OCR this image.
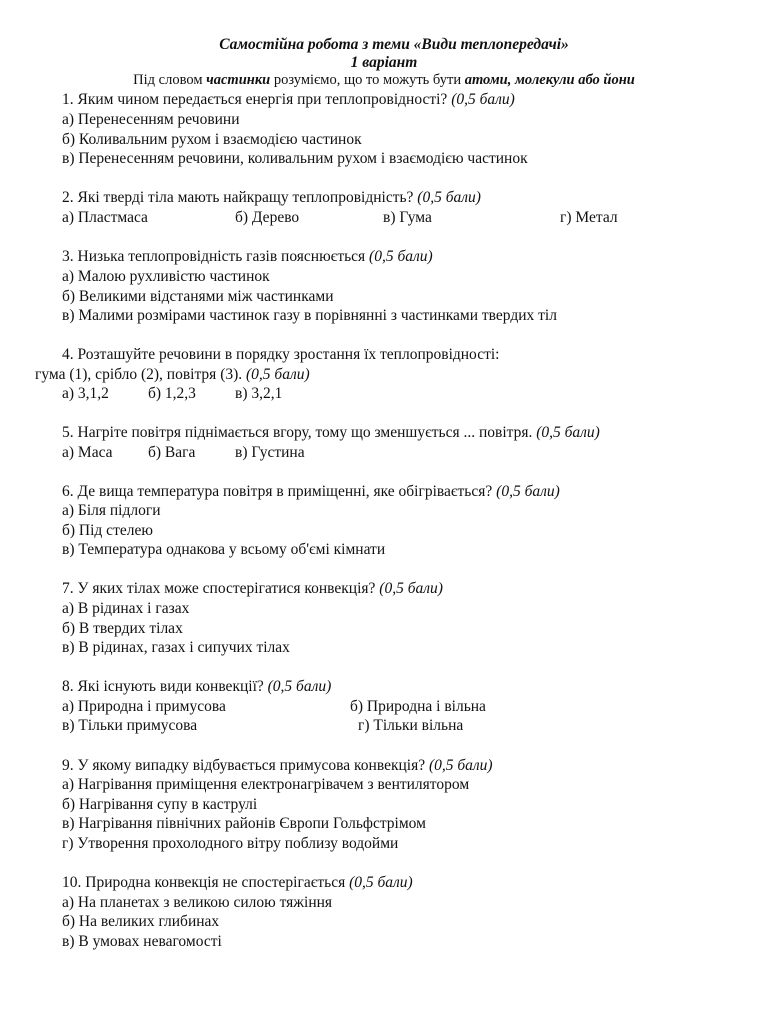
Самостійна робота з теми «Види теплопередачі»
1 варіант
Під словом частинки розуміємо, що то можуть бути атоми, молекули або йони
1. Яким чином передається енергія при теплопровідності? (0,5 бали)
а) Перенесенням речовини
б) Коливальним рухом і взаємодією частинок
в) Перенесенням речовини, коливальним рухом і взаємодією частинок
2. Які тверді тіла мають найкращу теплопровідність? (0,5 бали)
а) Пластмаса	б) Дерево	в) Гума	г) Метал
3. Низька теплопровідність газів пояснюється (0,5 бали)
а) Малою рухливістю частинок
б) Великими відстанями між частинками
в) Малими розмірами частинок газу в порівнянні з частинками твердих тіл
4. Розташуйте речовини в порядку зростання їх теплопровідності:
гума (1), срібло (2), повітря (3). (0,5 бали)
а) 3,1,2	б) 1,2,3	в) 3,2,1
5. Нагріте повітря піднімається вгору, тому що зменшується ... повітря. (0,5 бали)
а) Маса б) Вага	в) Густина
6. Де вища температура повітря в приміщенні, яке обігрівається? (0,5 бали)
а) Біля підлоги
б) Під стелею
в) Температура однакова у всьому об'ємі кімнати
7. У яких тілах може спостерігатися конвекція? (0,5 бали)
а) В рідинах і газах
б) В твердих тілах
в) В рідинах, газах і сипучих тілах
8. Які існують види конвекції? (0,5 бали)
а) Природна і примусова	б) Природна і вільна
в) Тільки примусова	г) Тільки вільна
9. У якому випадку відбувається примусова конвекція? (0,5 бали)
а) Нагрівання приміщення електронагрівачем з вентилятором
б) Нагрівання супу в каструлі
в) Нагрівання північних районів Європи Гольфстрімом
г) Утворення прохолодного вітру поблизу водойми
10. Природна конвекція не спостерігається (0,5 бали)
а) На планетах з великою силою тяжіння
б) На великих глибинах
в) В умовах невагомості
